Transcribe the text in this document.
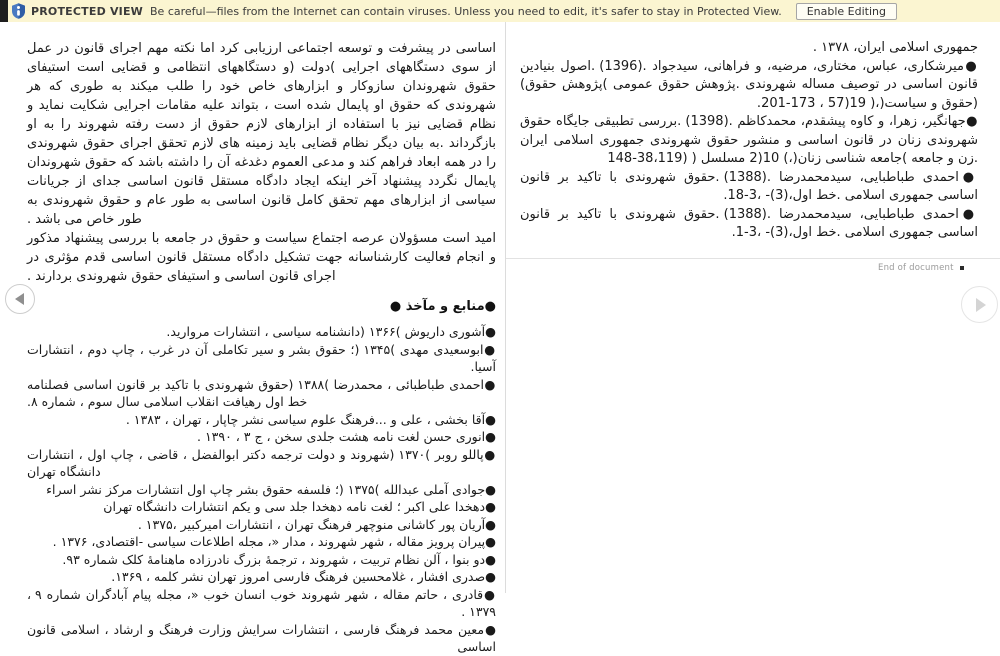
PROTECTED VIEW Be careful—files from the Internet can contain viruses. Unless you need to edit, it's safer to stay in Protected View.	Enable Editing

اساسی در پیشرفت و توسعه اجتماعی ارزیابی کرد اما نکته مهم اجرای قانون در عمل از سوی دستگاههای اجرایی )دولت (و دستگاههای انتظامی و قضایی است استیفای حقوق شهروندان سازوکار و ابزارهای خاص خود را طلب میکند به طوری که هر شهروندی که حقوق او پایمال شده است ، بتواند علیه مقامات اجرایی شکایت نماید و نظام قضایی نیز با استفاده از ابزارهای لازم حقوق از دست رفته شهروند را به او بازگرداند .به بیان دیگر نظام قضایی باید زمینه های لازم تحقق اجرای حقوق شهروندی را در همه ابعاد فراهم کند و مدعی العموم دغدغه آن را داشته باشد که حقوق شهروندان پایمال نگردد پیشنهاد آخر اینکه ایجاد دادگاه مستقل قانون اساسی جدای از جریانات سیاسی از ابزارهای مهم تحقق کامل قانون اساسی به طور عام و حقوق شهروندی به طور خاص می باشد .

امید است مسؤولان عرصه اجتماع سیاست و حقوق در جامعه با بررسی پیشنهاد مذکور و انجام فعالیت کارشناسانه جهت تشکیل دادگاه مستقل قانون اساسی قدم مؤثری در اجرای قانون اساسی و استیفای حقوق شهروندی بردارند .

●منابع و مآخذ ●

●آشوری داریوش )۱۳۶۶ (دانشنامه سیاسی ، انتشارات مروارید.

●ابوسعیدی مهدی )۱۳۴۵ (؛ حقوق بشر و سیر تکاملی آن در غرب ، چاپ دوم ، انتشارات آسیا.

●احمدی طباطبائی ، محمدرضا )۱۳۸۸ (حقوق شهروندی با تاکید بر قانون اساسی فصلنامه خط اول رهیافت انقلاب اسلامی سال سوم ، شماره ۸.

●آقا بخشی ، علی و ...فرهنگ علوم سیاسی نشر چاپار ، تهران ، ۱۳۸۳ .

●انوری حسن لغت نامه هشت جلدی سخن ، ج ۳ ، ۱۳۹۰ .

●پاللو روبر )۱۳۷۰ (شهروند و دولت ترجمه دکتر ابوالفضل ، قاضی ، چاپ اول ، انتشارات دانشگاه تهران

●جوادی آملی عبدالله )۱۳۷۵ (؛ فلسفه حقوق بشر چاپ اول انتشارات مرکز نشر اسراء

●دهخدا علی اکبر ؛ لغت نامه دهخدا جلد سی و یکم انتشارات دانشگاه تهران

●آریان پور کاشانی منوچهر فرهنگ تهران ، انتشارات امیرکبیر ،۱۳۷۵ .

●پیران پرویز مقاله ، شهر شهروند ، مدار «، مجله اطلاعات سیاسی -اقتصادی، ۱۳۷۶ .

●دو بنوا ، آلن نظام تربیت ، شهروند ، ترجمهٔ بزرگ نادرزاده ماهنامهٔ کلک شماره ۹۳.

●صدری افشار ، غلامحسین فرهنگ فارسی امروز تهران نشر کلمه ، ۱۳۶۹.

●قادری ، حاتم مقاله ، شهر شهروند خوب انسان خوب «، مجله پیام آبادگران شماره ۹ ، ۱۳۷۹ .

●معین محمد فرهنگ فارسی ، انتشارات سرایش وزارت فرهنگ و ارشاد ، اسلامی قانون اساسی

جمهوری اسلامی ایران، ۱۳۷۸ .

●میرشکاری، عباس، مختاری، مرضیه، و فراهانی، سیدجواد .(1396) .اصول بنیادین قانون اساسی در توصیف مساله شهروندی .پژوهش حقوق عمومی )پژوهش حقوق) (حقوق و سیاست(،( 19(57 ، 173-201.

●جهانگیر، زهرا، و کاوه پیشقدم، محمدکاظم .(1398) .بررسی تطبیقی جایگاه حقوق شهروندی زنان در قانون اساسی و منشور حقوق شهروندی جمهوری اسلامی ایران .زن و جامعه )جامعه شناسی زنان(،) 10(2 مسلسل ( (38،119-148

●احمدی طباطبایی، سیدمحمدرضا .(1388) .حقوق شهروندی با تاکید بر قانون اساسی جمهوری اسلامی .خط اول،(3)- ،3-18.

●احمدی طباطبایی، سیدمحمدرضا .(1388) .حقوق شهروندی با تاکید بر قانون اساسی جمهوری اسلامی .خط اول،(3)- ،3-1.

End of document
